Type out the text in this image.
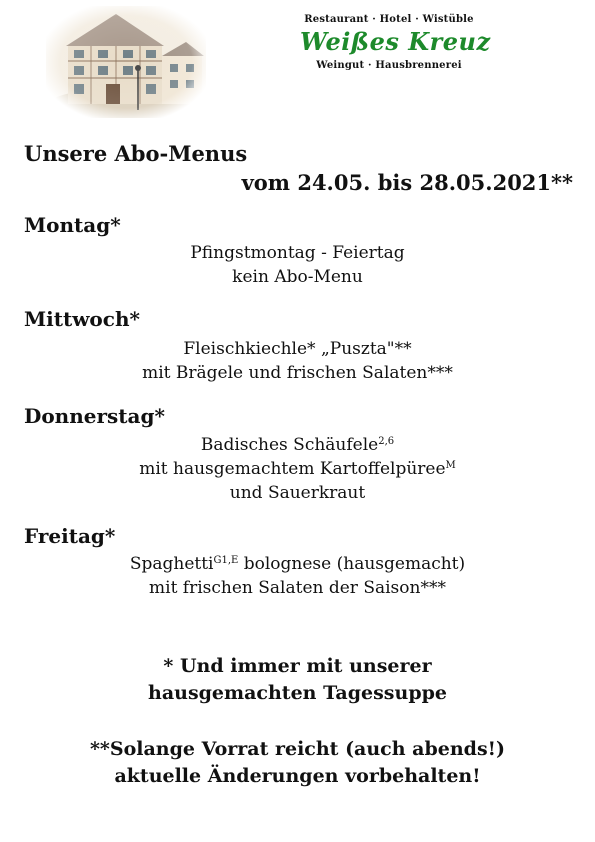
Restaurant · Hotel · Wistüble
Weißes Kreuz
Weingut · Hausbrennerei
Unsere Abo-Menus
vom 24.05. bis 28.05.2021**
Montag*
Pfingstmontag - Feiertag
kein Abo-Menu
Mittwoch*
Fleischkiechle* „Puszta"**
mit Brägele und frischen Salaten***
Donnerstag*
Badisches Schäufele$^{2,6}$
mit hausgemachtem Kartoffelpüree$^M$
und Sauerkraut
Freitag*
Spaghetti$^{G1,E}$ bolognese (hausgemacht)
mit frischen Salaten der Saison***
* Und immer mit unserer
hausgemachten Tagessuppe
**Solange Vorrat reicht (auch abends!)
aktuelle Änderungen vorbehalten!
